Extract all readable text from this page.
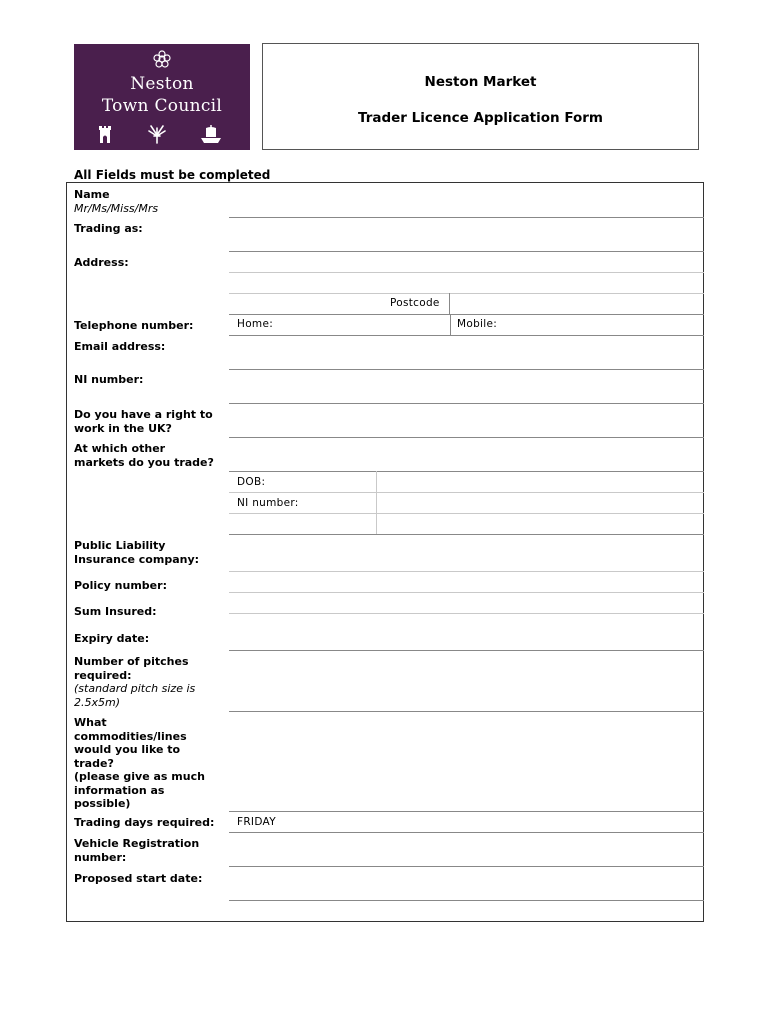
Neston
Town Council
Neston Market
Trader Licence Application Form
All Fields must be completed
Name
Mr/Ms/Miss/Mrs
Trading as:
Address:
Telephone number:
Email address:
NI number:
Do you have a right to
work in the UK?
At which other
markets do you trade?
Public Liability
Insurance company:
Policy number:
Sum Insured:
Expiry date:
Number of pitches
required:
(standard pitch size is
2.5x5m)
What
commodities/lines
would you like to
trade?
(please give as much
information as
possible)
Trading days required:
Vehicle Registration
number:
Proposed start date:
Postcode
Home:	Mobile:
DOB:
NI number:
FRIDAY
